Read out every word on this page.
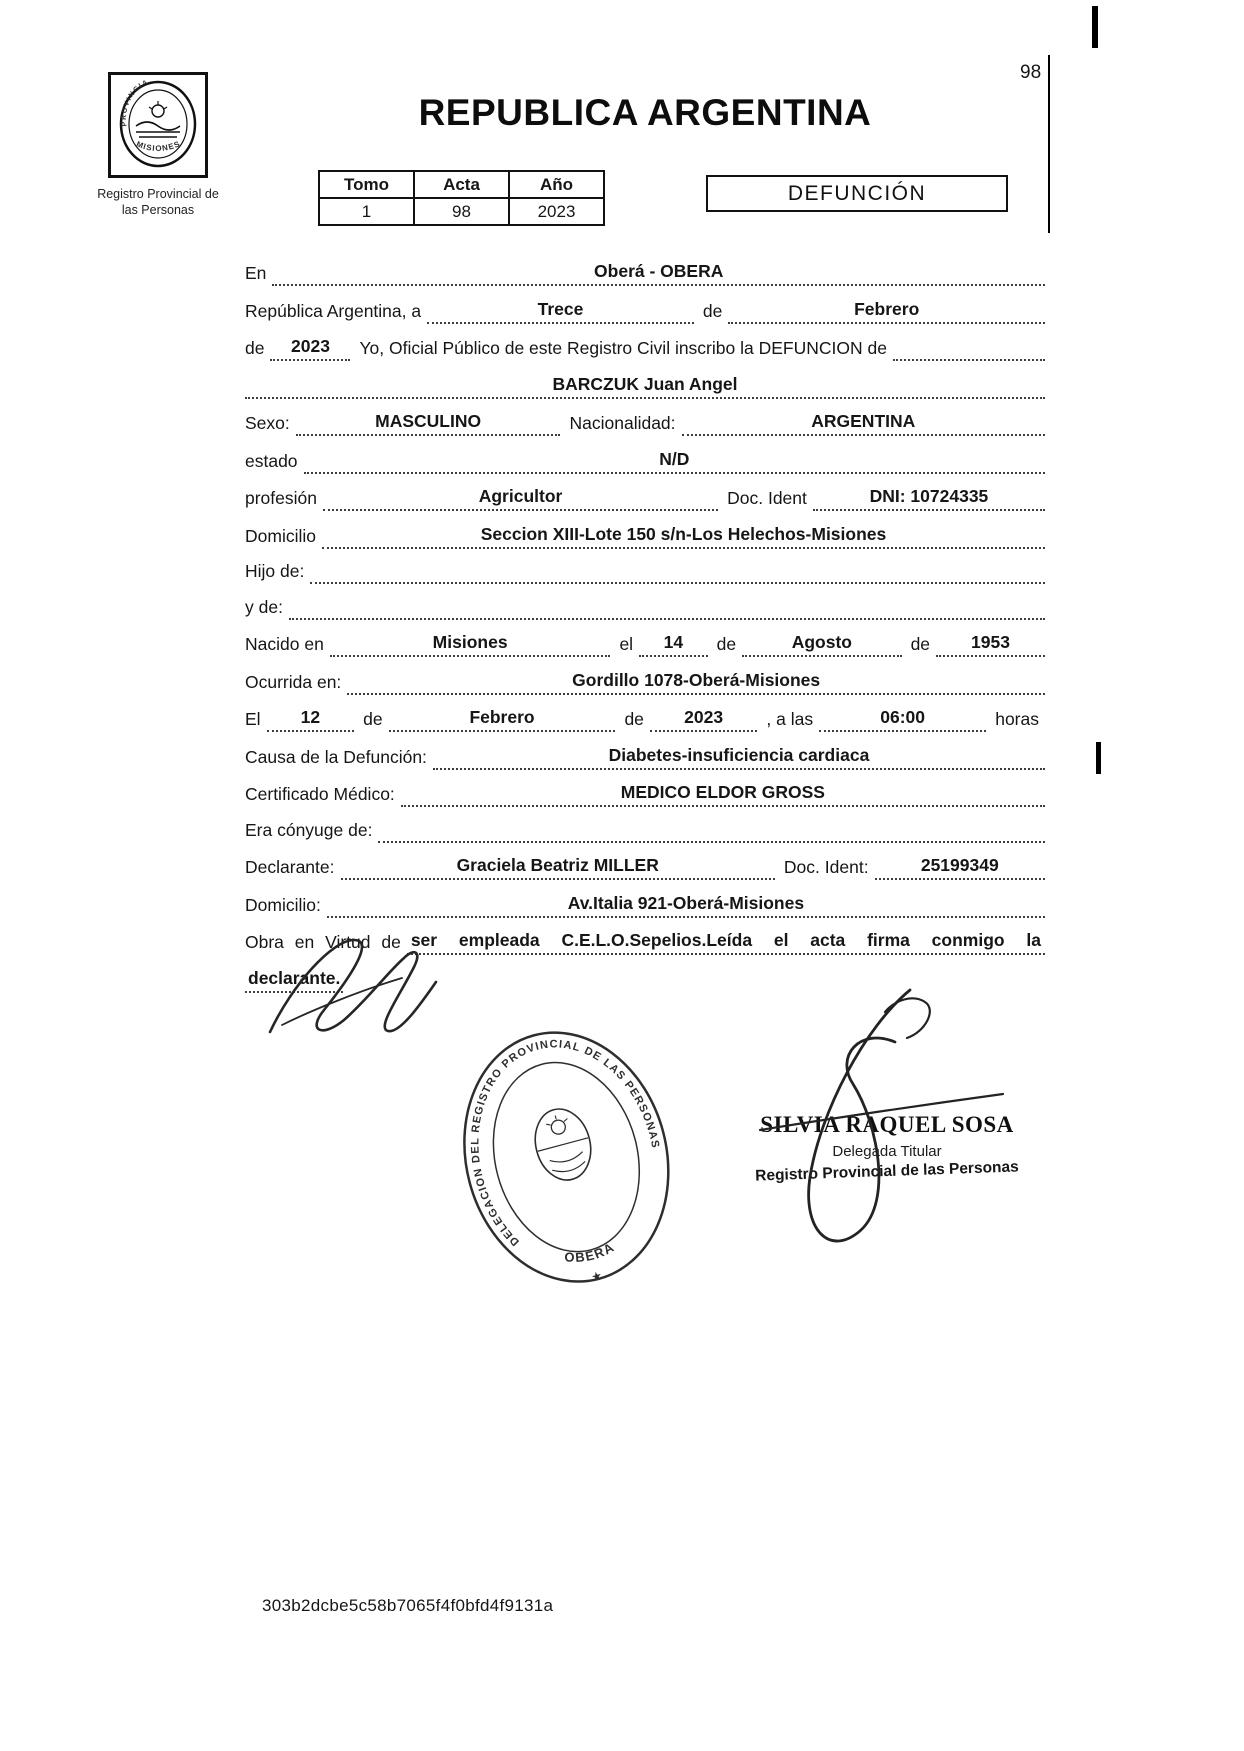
98
PROVINCIA
MISIONES
Registro Provincial de
las Personas
REPUBLICA ARGENTINA
Tomo	Acta	Año
1	98	2023
DEFUNCIÓN
En	Oberá - OBERA
República Argentina, a	Trece	de	Febrero
de	2023	Yo, Oficial Público de este Registro Civil inscribo la DEFUNCION de
BARCZUK Juan Angel
Sexo:	MASCULINO	Nacionalidad:	ARGENTINA
estado	N/D
profesión	Agricultor	Doc. Ident	DNI: 10724335
Domicilio	Seccion XIII-Lote 150 s/n-Los Helechos-Misiones
Hijo de:
y de:
Nacido en	Misiones	el	14	de	Agosto	de	1953
Ocurrida en:	Gordillo 1078-Oberá-Misiones
El	12	de	Febrero	de	2023	, a las	06:00	horas
Causa de la Defunción:	Diabetes-insuficiencia cardiaca
Certificado Médico:	MEDICO ELDOR GROSS
Era cónyuge de:
Declarante:	Graciela Beatriz MILLER	Doc. Ident:	25199349
Domicilio:	Av.Italia 921-Oberá-Misiones
Obra en Virtud de ser empleada C.E.L.O.Sepelios.Leída el acta firma conmigo la
declarante.
DELEGACION DEL REGISTRO PROVINCIAL DE LAS PERSONAS
OBERA
★
SILVIA RAQUEL SOSA
Delegada Titular
Registro Provincial de las Personas
303b2dcbe5c58b7065f4f0bfd4f9131a
